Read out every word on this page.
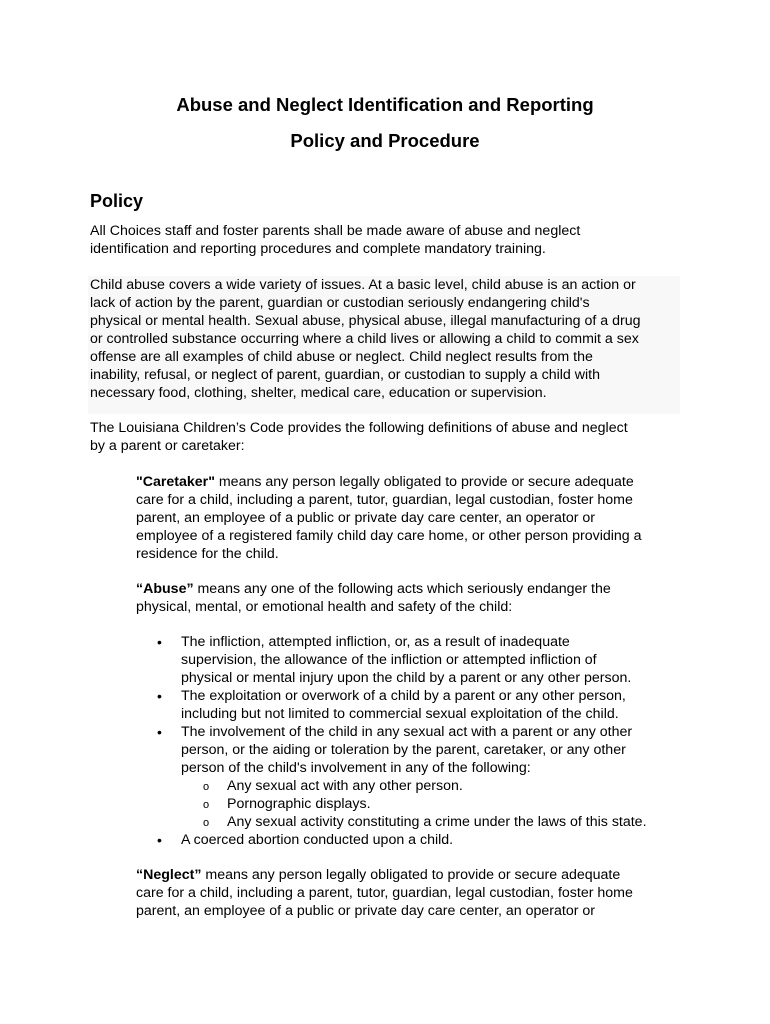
Abuse and Neglect Identification and Reporting
Policy and Procedure
Policy
All Choices staff and foster parents shall be made aware of abuse and neglect
identification and reporting procedures and complete mandatory training.
Child abuse covers a wide variety of issues. At a basic level, child abuse is an action or
lack of action by the parent, guardian or custodian seriously endangering child's
physical or mental health. Sexual abuse, physical abuse, illegal manufacturing of a drug
or controlled substance occurring where a child lives or allowing a child to commit a sex
offense are all examples of child abuse or neglect. Child neglect results from the
inability, refusal, or neglect of parent, guardian, or custodian to supply a child with
necessary food, clothing, shelter, medical care, education or supervision.
The Louisiana Children’s Code provides the following definitions of abuse and neglect
by a parent or caretaker:
"Caretaker" means any person legally obligated to provide or secure adequate
care for a child, including a parent, tutor, guardian, legal custodian, foster home
parent, an employee of a public or private day care center, an operator or
employee of a registered family child day care home, or other person providing a
residence for the child.
“Abuse” means any one of the following acts which seriously endanger the
physical, mental, or emotional health and safety of the child:
• The infliction, attempted infliction, or, as a result of inadequate
supervision, the allowance of the infliction or attempted infliction of
physical or mental injury upon the child by a parent or any other person.
• The exploitation or overwork of a child by a parent or any other person,
including but not limited to commercial sexual exploitation of the child.
• The involvement of the child in any sexual act with a parent or any other
person, or the aiding or toleration by the parent, caretaker, or any other
person of the child's involvement in any of the following:
o Any sexual act with any other person.
o Pornographic displays.
o Any sexual activity constituting a crime under the laws of this state.
• A coerced abortion conducted upon a child.
“Neglect” means any person legally obligated to provide or secure adequate
care for a child, including a parent, tutor, guardian, legal custodian, foster home
parent, an employee of a public or private day care center, an operator or
